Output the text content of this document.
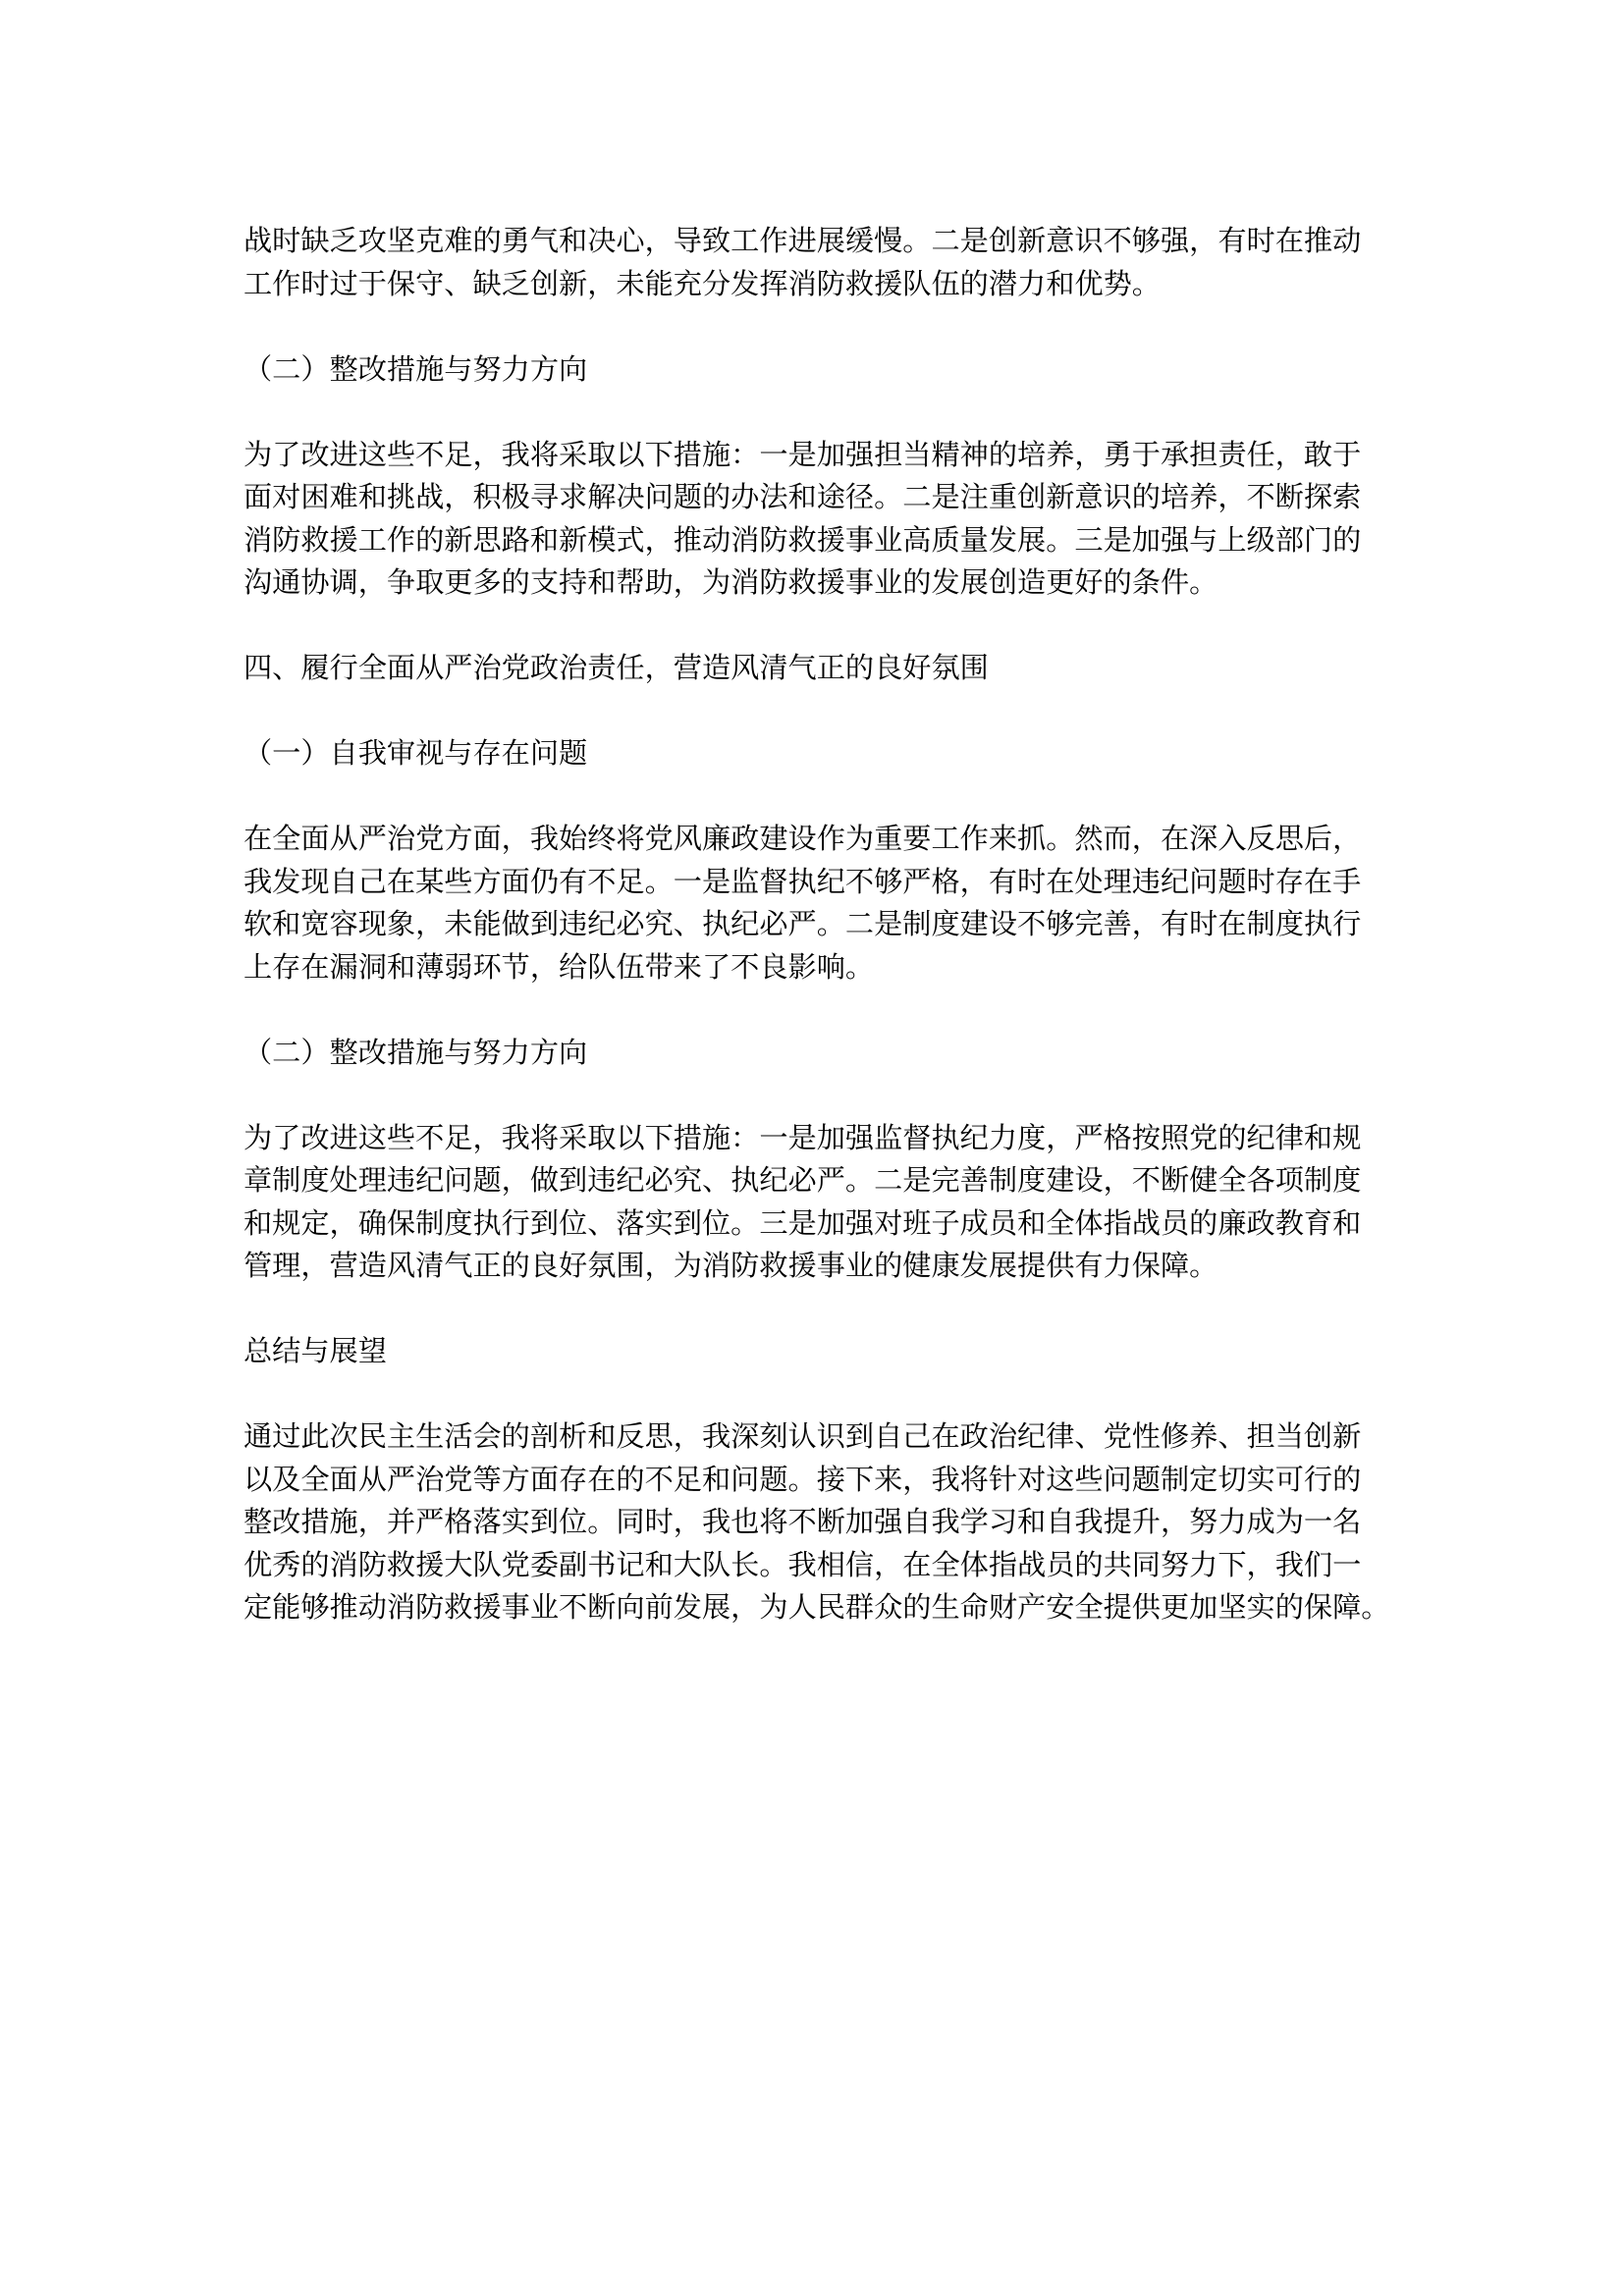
战时缺乏攻坚克难的勇气和决心，导致工作进展缓慢。二是创新意识不够强，有时在推动
工作时过于保守、缺乏创新，未能充分发挥消防救援队伍的潜力和优势。

（二）整改措施与努力方向

为了改进这些不足，我将采取以下措施：一是加强担当精神的培养，勇于承担责任，敢于
面对困难和挑战，积极寻求解决问题的办法和途径。二是注重创新意识的培养，不断探索
消防救援工作的新思路和新模式，推动消防救援事业高质量发展。三是加强与上级部门的
沟通协调，争取更多的支持和帮助，为消防救援事业的发展创造更好的条件。

四、履行全面从严治党政治责任，营造风清气正的良好氛围

（一）自我审视与存在问题

在全面从严治党方面，我始终将党风廉政建设作为重要工作来抓。然而，在深入反思后，
我发现自己在某些方面仍有不足。一是监督执纪不够严格，有时在处理违纪问题时存在手
软和宽容现象，未能做到违纪必究、执纪必严。二是制度建设不够完善，有时在制度执行
上存在漏洞和薄弱环节，给队伍带来了不良影响。

（二）整改措施与努力方向

为了改进这些不足，我将采取以下措施：一是加强监督执纪力度，严格按照党的纪律和规
章制度处理违纪问题，做到违纪必究、执纪必严。二是完善制度建设，不断健全各项制度
和规定，确保制度执行到位、落实到位。三是加强对班子成员和全体指战员的廉政教育和
管理，营造风清气正的良好氛围，为消防救援事业的健康发展提供有力保障。

总结与展望

通过此次民主生活会的剖析和反思，我深刻认识到自己在政治纪律、党性修养、担当创新
以及全面从严治党等方面存在的不足和问题。接下来，我将针对这些问题制定切实可行的
整改措施，并严格落实到位。同时，我也将不断加强自我学习和自我提升，努力成为一名
优秀的消防救援大队党委副书记和大队长。我相信，在全体指战员的共同努力下，我们一
定能够推动消防救援事业不断向前发展，为人民群众的生命财产安全提供更加坚实的保障。
